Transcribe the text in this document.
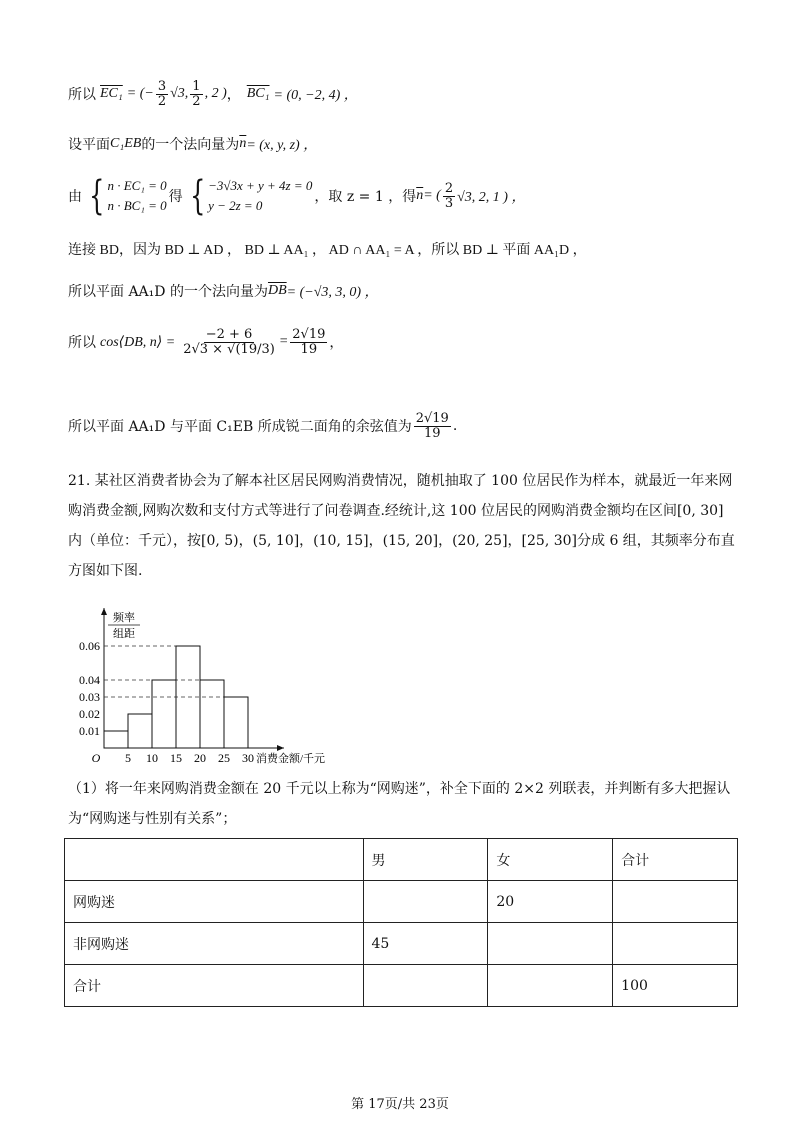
所以 EC₁ = (− $\frac{3}{2} √3$, $\frac{1}{2}$ , 2 ) ， BC₁ = (0, −2, 4) ，
设平面 C₁EB 的一个法向量为 $\overline{n} = (x$, y, z) ，
由 { n · EC₁ = 0
n · BC₁ = 0
得 { −3√3x + y + 4z = 0
y − 2z = 0
，取 z = 1 ，得 $\overline{n}$ = ( $\frac{2}{3} √3$, 2, 1 ) ，
连接 BD，因为 BD ⊥ AD ， BD ⊥ AA₁ ， AD ∩ AA₁ = A ，所以 BD ⊥ 平面 AA₁D ，
所以平面 AA₁D 的一个法向量为 $\overline{DB} = (-√3$, 3, 0) ，
所以 cos⟨DB, n⟩ = $\frac{-2 + 6}{2√3 \times √(19/3)} = \frac{2√19}{19}$ ，
所以平面 AA₁D 与平面 C₁EB 所成锐二面角的余弦值为 $\frac{2√19}{19}$ .
21. 某社区消费者协会为了解本社区居民网购消费情况，随机抽取了 100 位居民作为样本，就最近一年来网购消费金额,网购次数和支付方式等进行了问卷调查.经统计,这 100 位居民的网购消费金额均在区间[0, 30] 内（单位：千元），按[0, 5)，(5, 10]，(10, 15]，(15, 20]，(20, 25]，[25, 30]分成 6 组，其频率分布直方图如下图.
0.01
0.02
0.03
0.04
0.06
5 10 15 20 25 30
O	消费金额/千元
频率
组距
（1）将一年来网购消费金额在 20 千元以上称为“网购迷”，补全下面的 2×2 列联表，并判断有多大把握认为“网购迷与性别有关系”；
	男	女	合计
网购迷		20	
非网购迷	45		
合计			100
第 17页/共 23页
